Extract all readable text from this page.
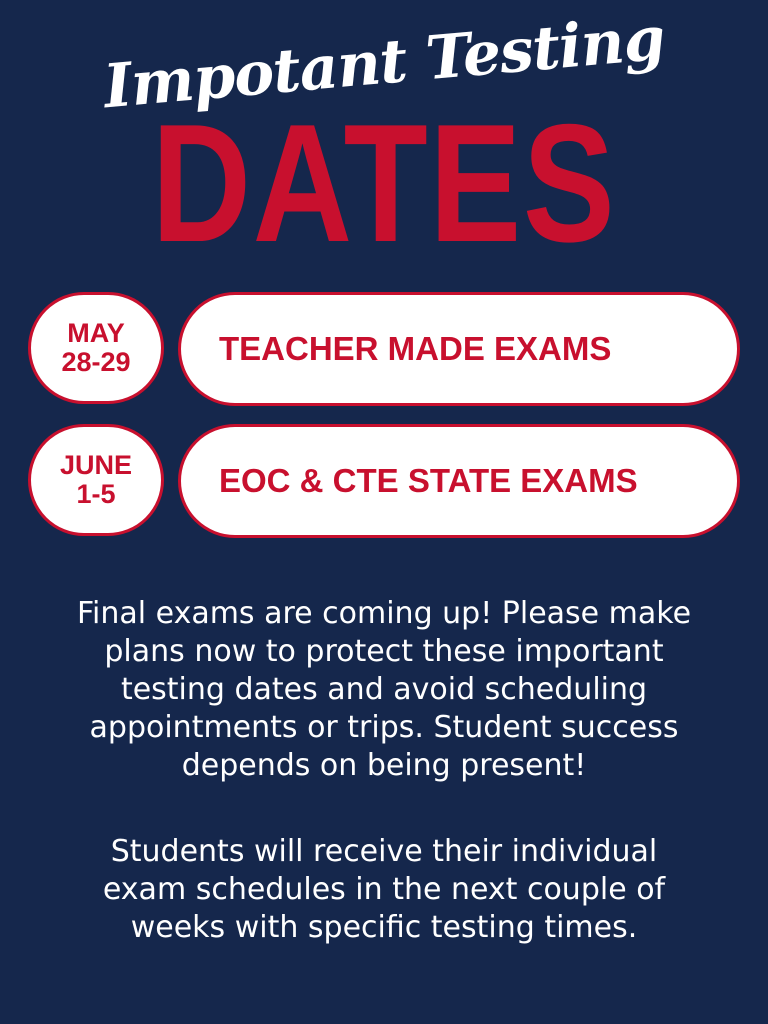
Impotant Testing
DATES
MAY
28-29	TEACHER MADE EXAMS
JUNE
1-5	EOC & CTE STATE EXAMS
Final exams are coming up! Please make
plans now to protect these important
testing dates and avoid scheduling
appointments or trips. Student success
depends on being present!
Students will receive their individual
exam schedules in the next couple of
weeks with specific testing times.
